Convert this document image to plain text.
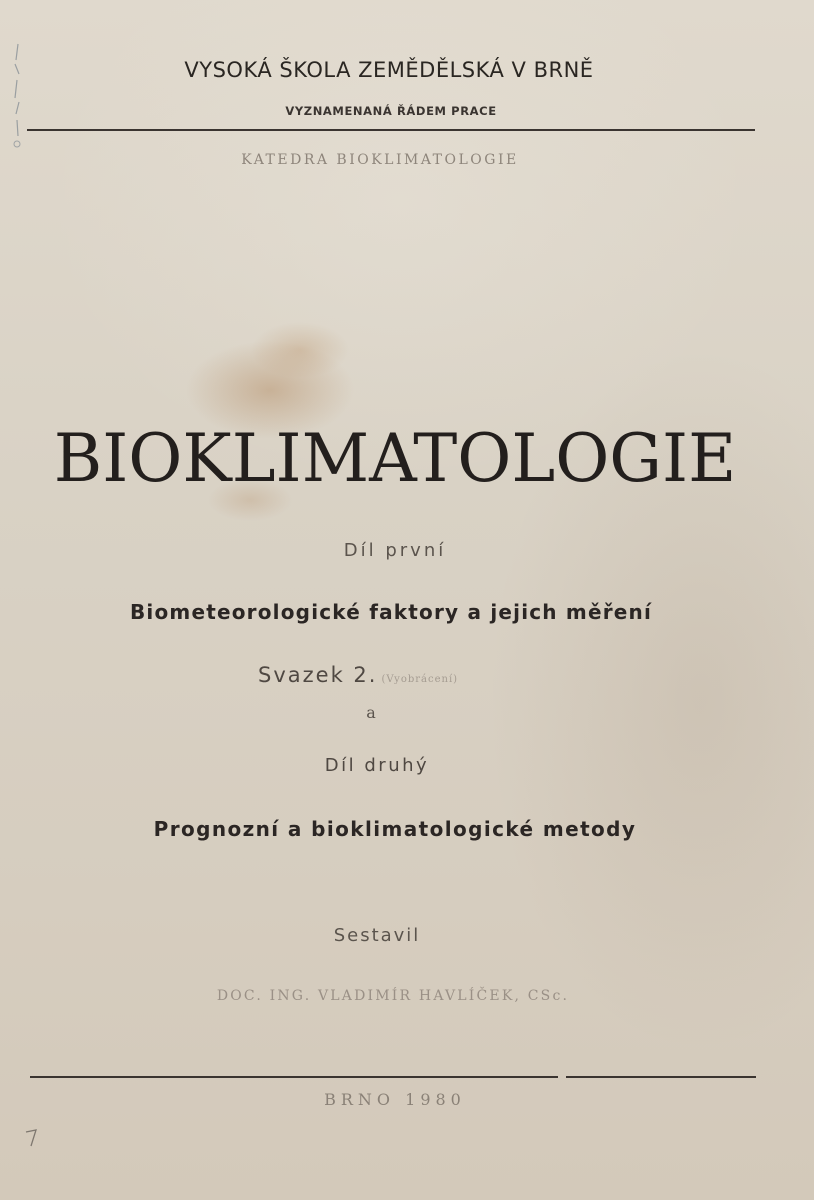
VYSOKÁ ŠKOLA ZEMĚDĚLSKÁ V BRNĚ
VYZNAMENANÁ ŘÁDEM PRACE
KATEDRA BIOKLIMATOLOGIE
BIOKLIMATOLOGIE
Díl první
Biometeorologické faktory a jejich měření
Svazek 2. (Vyobrácení)
a
Díl druhý
Prognozní a bioklimatologické metody
Sestavil
DOC. ING. VLADIMÍR HAVLÍČEK, CSc.
BRNO 1980
